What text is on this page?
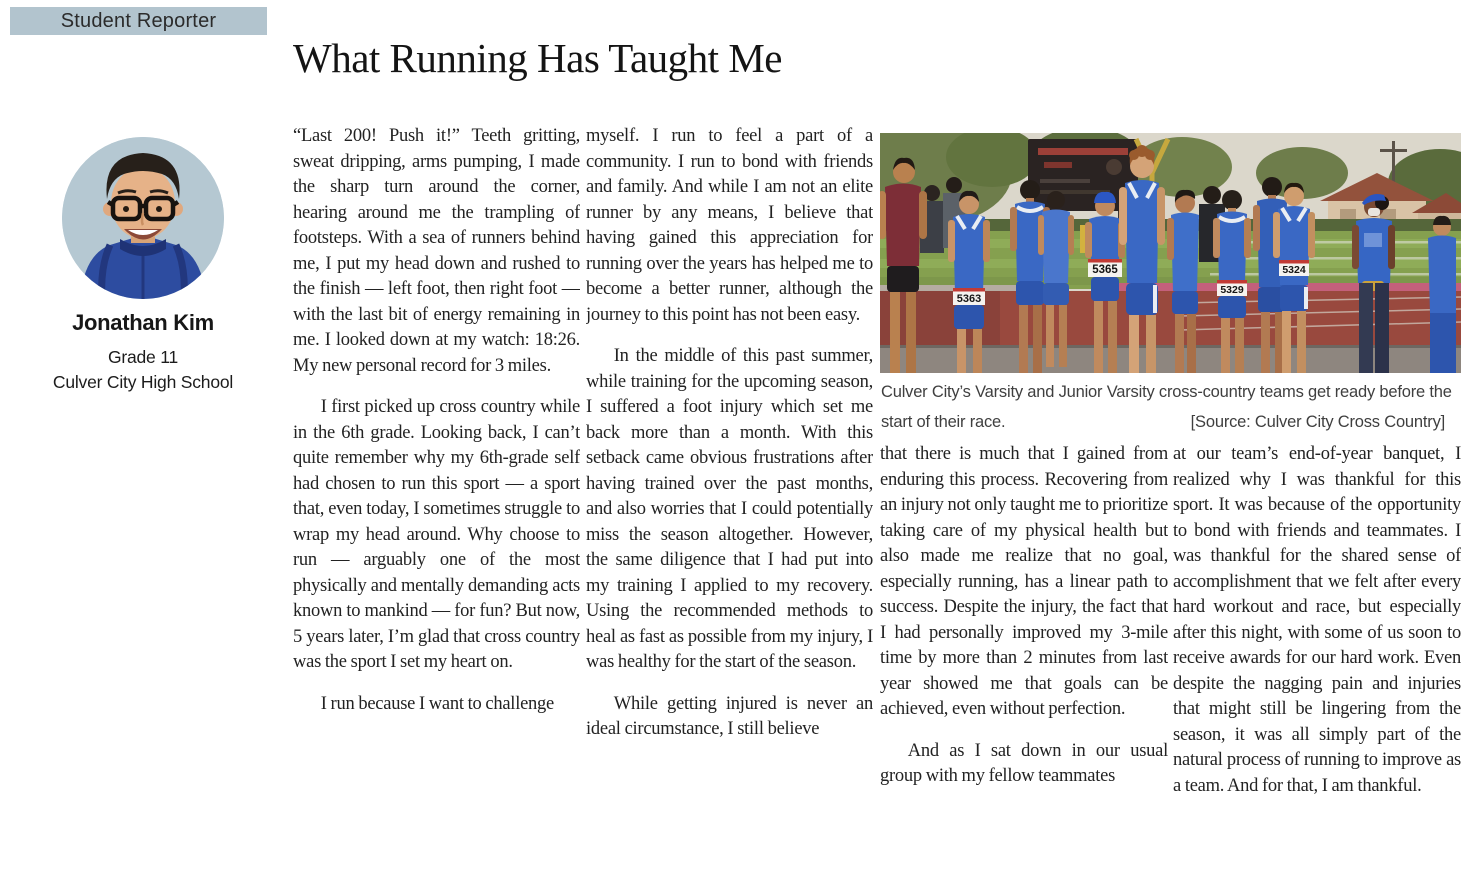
Student Reporter
What Running Has Taught Me
Jonathan Kim
Grade 11
Culver City High School

“Last 200! Push it!” Teeth gritting, sweat dripping, arms pumping, I made the sharp turn around the corner, hearing around me the trampling of footsteps. With a sea of runners behind me, I put my head down and rushed to the finish — left foot, then right foot — with the last bit of energy remaining in me. I looked down at my watch: 18:26. My new personal record for 3 miles.

I first picked up cross country while in the 6th grade. Looking back, I can’t quite remember why my 6th-grade self had chosen to run this sport — a sport that, even today, I sometimes struggle to wrap my head around. Why choose to run — arguably one of the most physically and mentally demanding acts known to mankind — for fun? But now, 5 years later, I’m glad that cross country was the sport I set my heart on.

I run because I want to challenge

myself. I run to feel a part of a community. I run to bond with friends and family. And while I am not an elite runner by any means, I believe that having gained this appreciation for running over the years has helped me to become a better runner, although the journey to this point has not been easy.

In the middle of this past summer, while training for the upcoming season, I suffered a foot injury which set me back more than a month. With this setback came obvious frustrations after having trained over the past months, and also worries that I could potentially miss the season altogether. However, the same diligence that I had put into my training I applied to my recovery. Using the recommended methods to heal as fast as possible from my injury, I was healthy for the start of the season.

While getting injured is never an ideal circumstance, I still believe

that there is much that I gained from enduring this process. Recovering from an injury not only taught me to prioritize taking care of my physical health but also made me realize that no goal, especially running, has a linear path to success. Despite the injury, the fact that I had personally improved my 3-mile time by more than 2 minutes from last year showed me that goals can be achieved, even without perfection.

And as I sat down in our usual group with my fellow teammates

at our team’s end-of-year banquet, I realized why I was thankful for this sport. It was because of the opportunity to bond with friends and teammates. I was thankful for the shared sense of accomplishment that we felt after every hard workout and race, but especially after this night, with some of us soon to receive awards for our hard work. Even despite the nagging pain and injuries that might still be lingering from the season, it was all simply part of the natural process of running to improve as a team. And for that, I am thankful.

5363
5365
5329
5324
Culver City’s Varsity and Junior Varsity cross-country teams get ready before the start of their race.	[Source: Culver City Cross Country]
